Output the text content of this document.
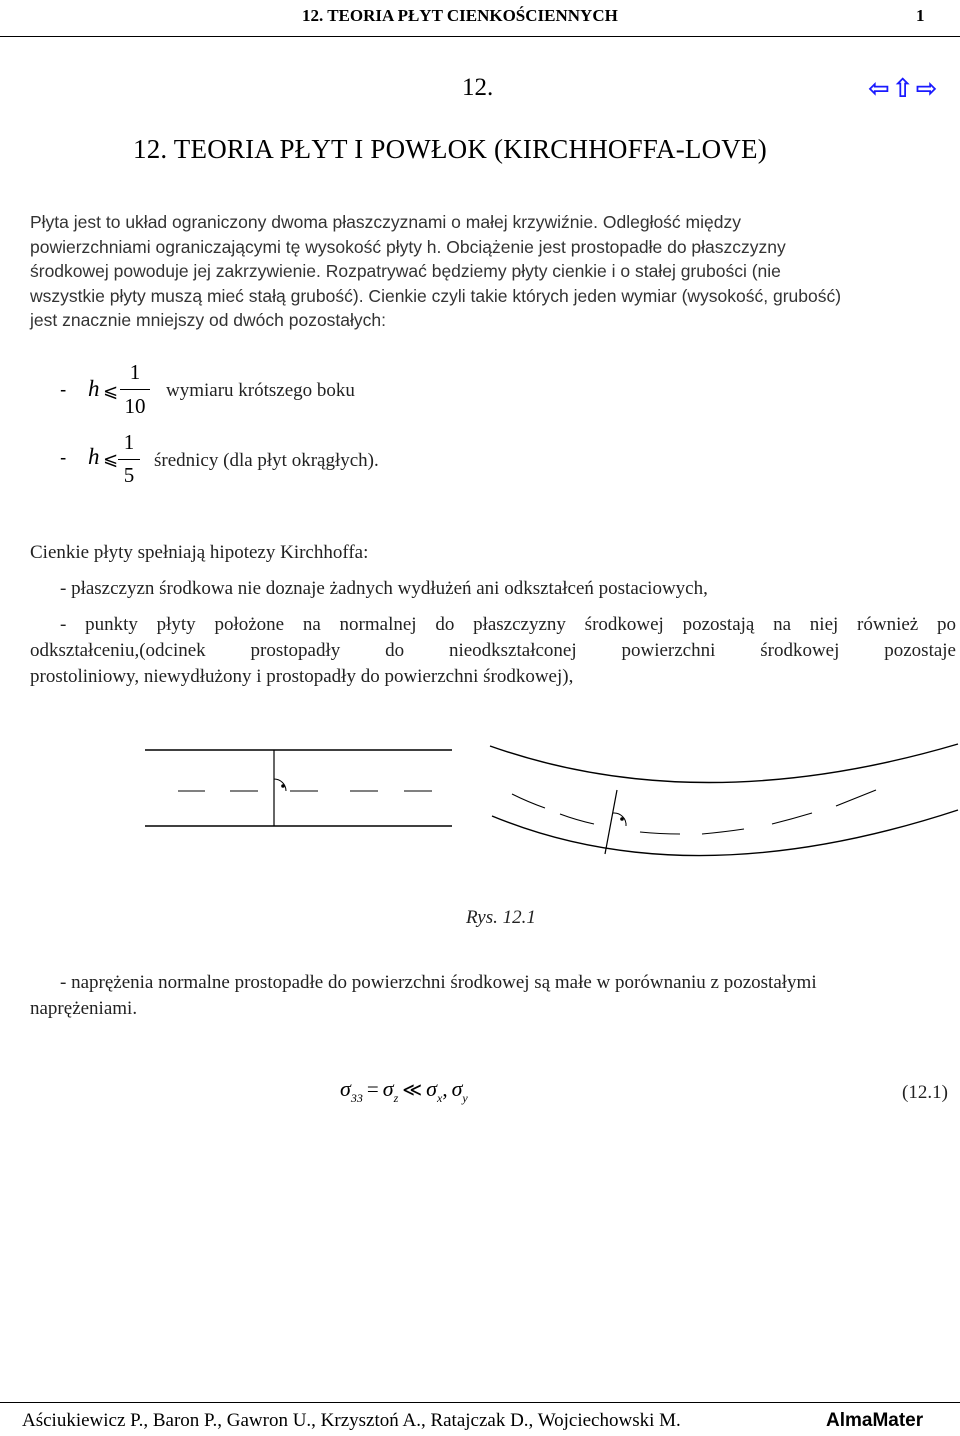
12. TEORIA PŁYT CIENKOŚCIENNYCH	1
⇦ ⇧ ⇨
12.
12. TEORIA PŁYT I POWŁOK (KIRCHHOFFA-LOVE)
Płyta jest to układ ograniczony dwoma płaszczyznami o małej krzywiźnie. Odległość między
powierzchniami ograniczającymi tę wysokość płyty h. Obciążenie jest prostopadłe do płaszczyzny
środkowej powoduje jej zakrzywienie. Rozpatrywać będziemy płyty cienkie i o stałej grubości (nie
wszystkie płyty muszą mieć stałą grubość). Cienkie czyli takie których jeden wymiar (wysokość, grubość)
jest znacznie mniejszy od dwóch pozostałych:
- h ⩽
1
10
wymiaru krótszego boku
- h ⩽
1
5
średnicy (dla płyt okrągłych).
Cienkie płyty spełniają hipotezy Kirchhoffa:
- płaszczyzn środkowa nie doznaje żadnych wydłużeń ani odkształceń postaciowych,
- punkty płyty położone na normalnej do płaszczyzny środkowej pozostają na niej również po
odkształceniu,(odcinek prostopadły do nieodkształconej powierzchni środkowej pozostaje
prostoliniowy, niewydłużony i prostopadły do powierzchni środkowej),
Rys. 12.1
- naprężenia normalne prostopadłe do powierzchni środkowej są małe w porównaniu z pozostałymi
naprężeniami.
$\sigma_{33} = \sigma_z$ ≪ $\sigma_x$, $\sigma_y$	(12.1)
Aściukiewicz P., Baron P., Gawron U., Krzysztoń A., Ratajczak D., Wojciechowski M.	AlmaMater
